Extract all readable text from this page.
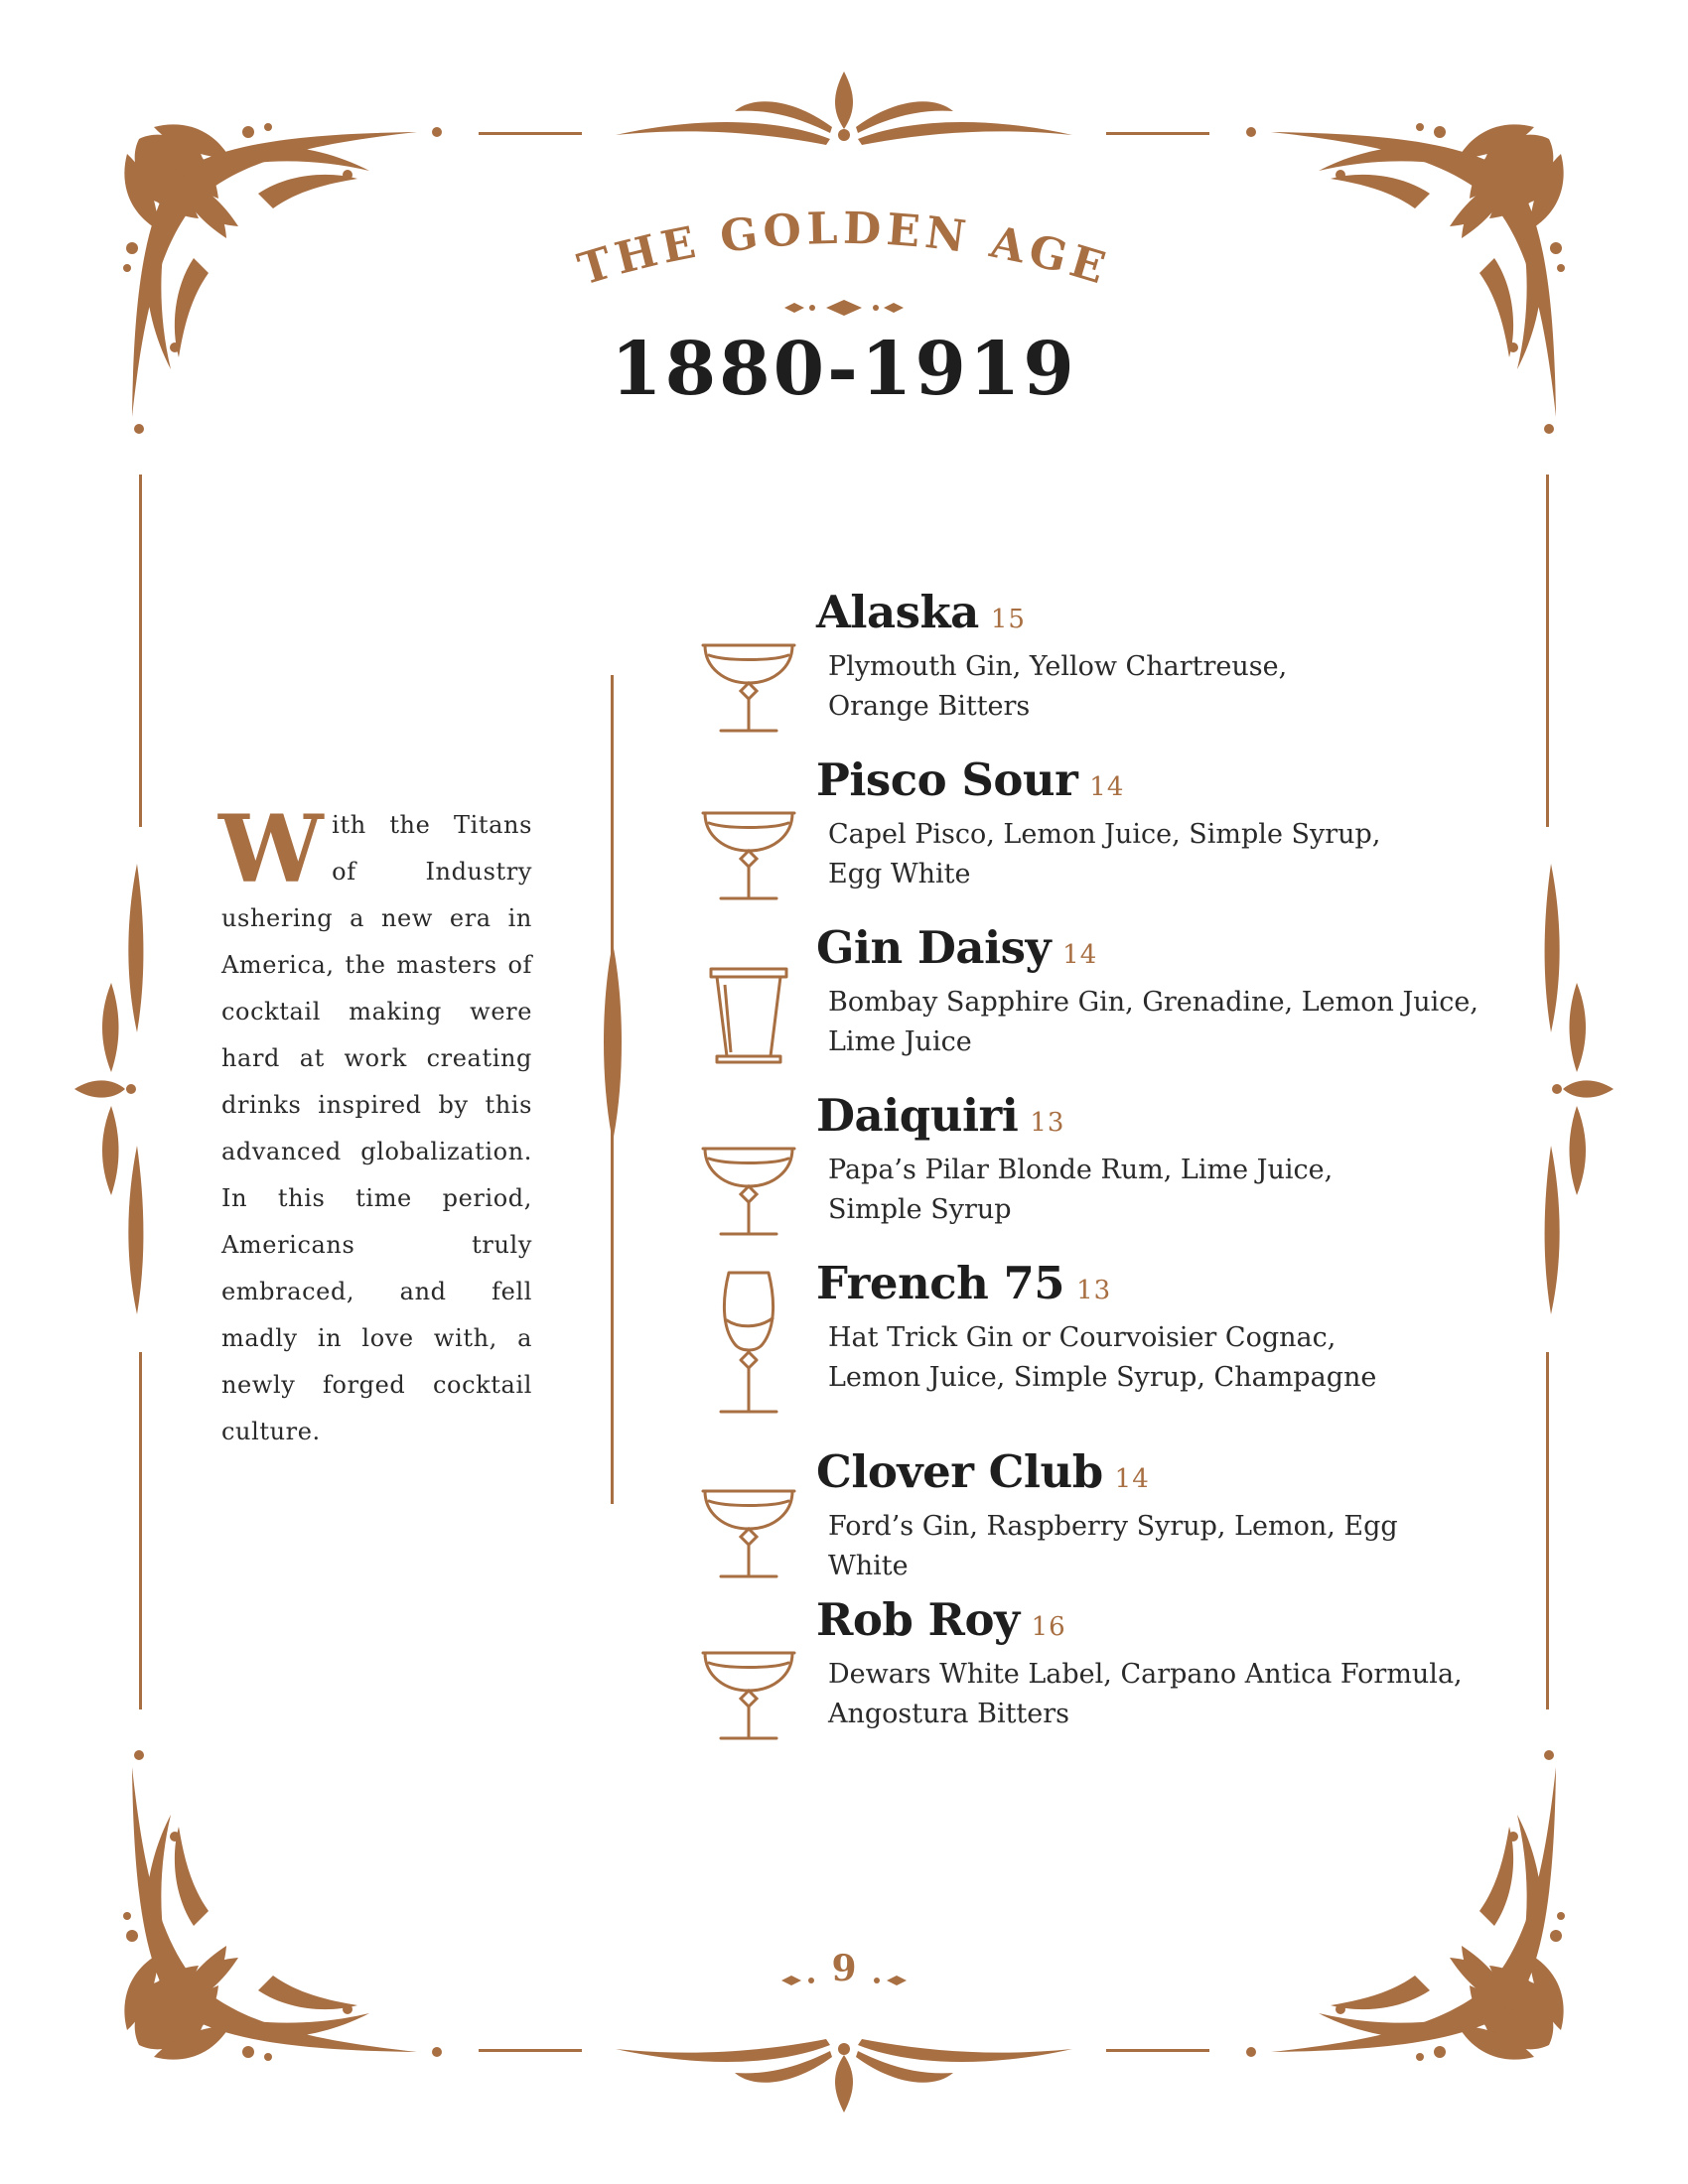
THE GOLDEN AGE
1880-1919
With the Titans of Industry ushering a new era in America, the masters of cocktail making were hard at work creating drinks inspired by this advanced globalization. In this time period, Americans truly embraced, and fell madly in love with, a newly forged cocktail culture.
Alaska 15
Plymouth Gin, Yellow Chartreuse,
Orange Bitters
Pisco Sour 14
Capel Pisco, Lemon Juice, Simple Syrup,
Egg White
Gin Daisy 14
Bombay Sapphire Gin, Grenadine, Lemon Juice,
Lime Juice
Daiquiri 13
Papa’s Pilar Blonde Rum, Lime Juice,
Simple Syrup
French 75 13
Hat Trick Gin or Courvoisier Cognac,
Lemon Juice, Simple Syrup, Champagne
Clover Club 14
Ford’s Gin, Raspberry Syrup, Lemon, Egg White
Rob Roy 16
Dewars White Label, Carpano Antica Formula,
Angostura Bitters
9
